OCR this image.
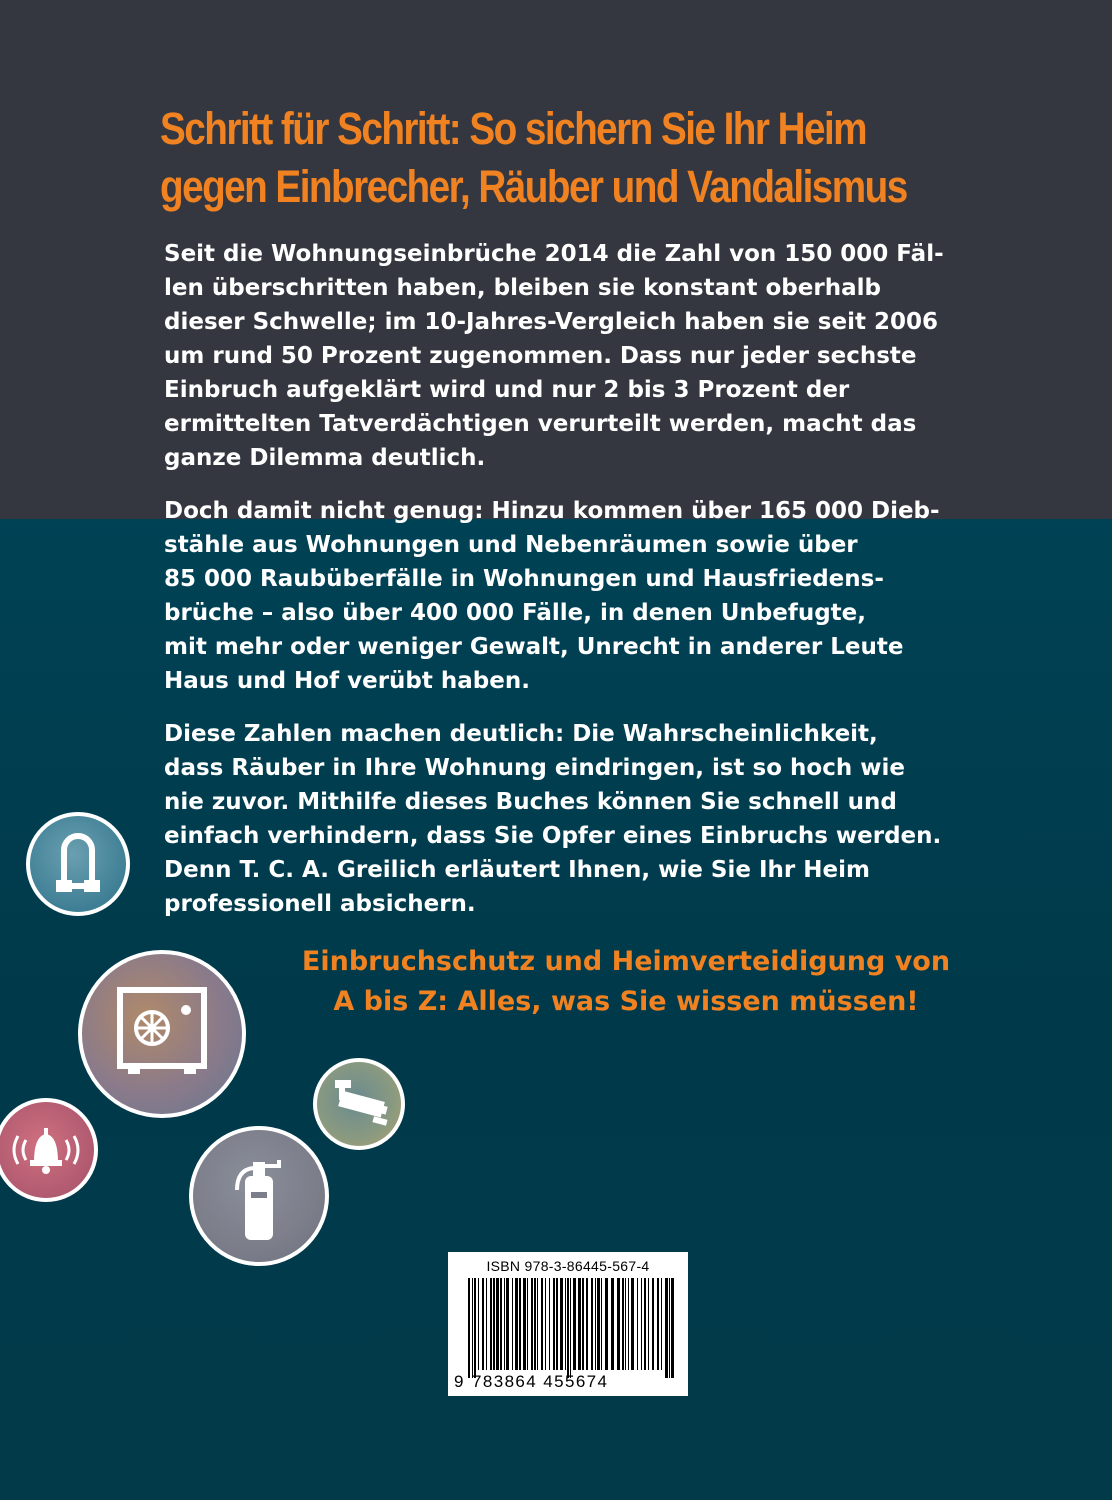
Schritt für Schritt: So sichern Sie Ihr Heim
gegen Einbrecher, Räuber und Vandalismus

Seit die Wohnungseinbrüche 2014 die Zahl von 150 000 Fäl-
len überschritten haben, bleiben sie konstant oberhalb
dieser Schwelle; im 10-Jahres-Vergleich haben sie seit 2006
um rund 50 Prozent zugenommen. Dass nur jeder sechste
Einbruch aufgeklärt wird und nur 2 bis 3 Prozent der
ermittelten Tatverdächtigen verurteilt werden, macht das
ganze Dilemma deutlich.

Doch damit nicht genug: Hinzu kommen über 165 000 Dieb-
stähle aus Wohnungen und Nebenräumen sowie über
85 000 Raubüberfälle in Wohnungen und Hausfriedens-
brüche – also über 400 000 Fälle, in denen Unbefugte,
mit mehr oder weniger Gewalt, Unrecht in anderer Leute
Haus und Hof verübt haben.

Diese Zahlen machen deutlich: Die Wahrscheinlichkeit,
dass Räuber in Ihre Wohnung eindringen, ist so hoch wie
nie zuvor. Mithilfe dieses Buches können Sie schnell und
einfach verhindern, dass Sie Opfer eines Einbruchs werden.
Denn T. C. A. Greilich erläutert Ihnen, wie Sie Ihr Heim
professionell absichern.

Einbruchschutz und Heimverteidigung von
A bis Z: Alles, was Sie wissen müssen!

ISBN 978-3-86445-567-4
9 783864 455674
